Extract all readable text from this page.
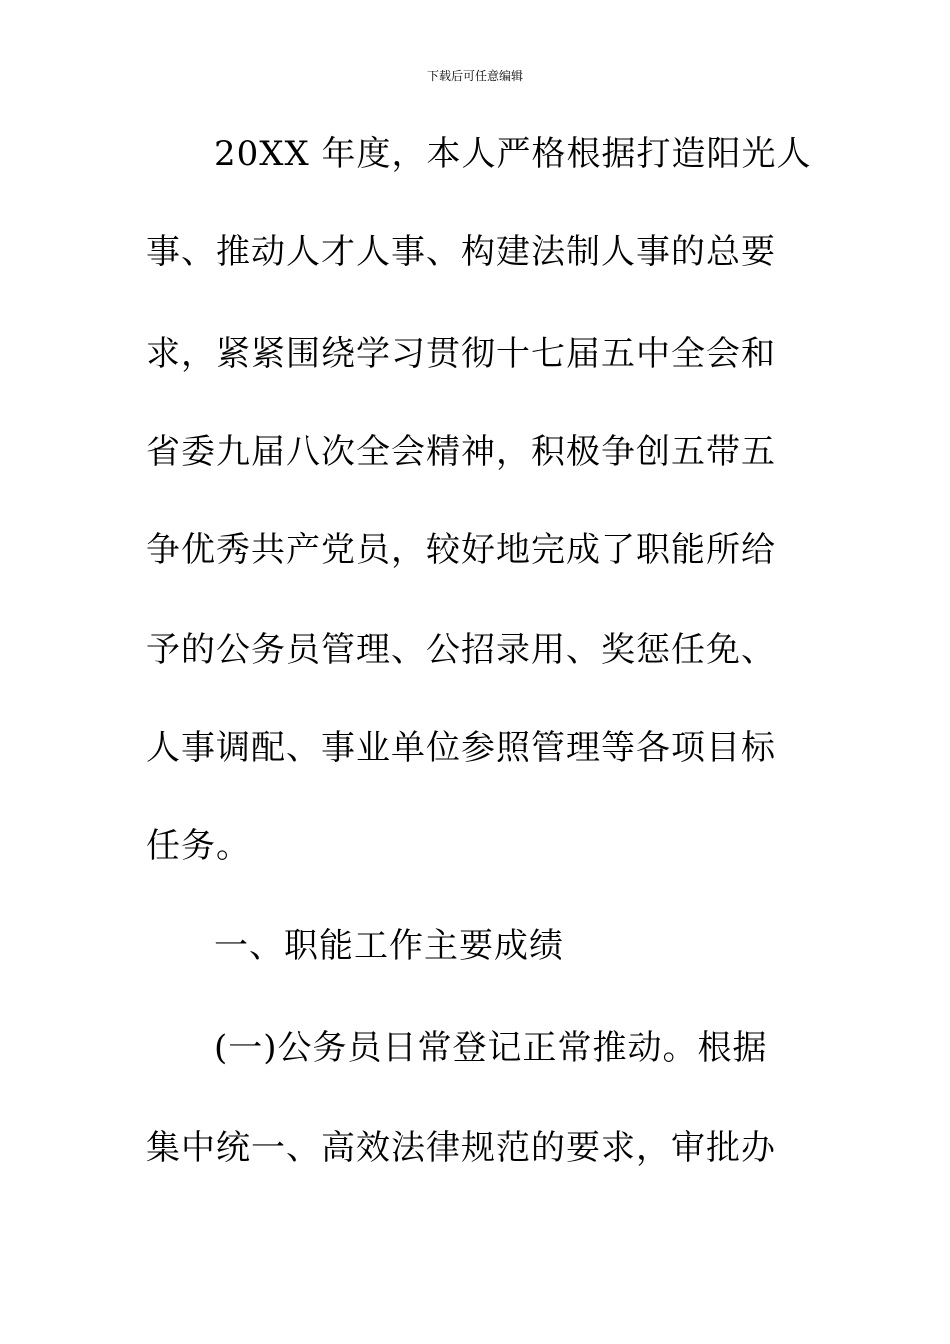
下载后可任意编辑
20XX 年度，本人严格根据打造阳光人
事、推动人才人事、构建法制人事的总要
求，紧紧围绕学习贯彻十七届五中全会和
省委九届八次全会精神，积极争创五带五
争优秀共产党员，较好地完成了职能所给
予的公务员管理、公招录用、奖惩任免、
人事调配、事业单位参照管理等各项目标
任务。
一、职能工作主要成绩
(一)公务员日常登记正常推动。根据
集中统一、高效法律规范的要求，审批办
